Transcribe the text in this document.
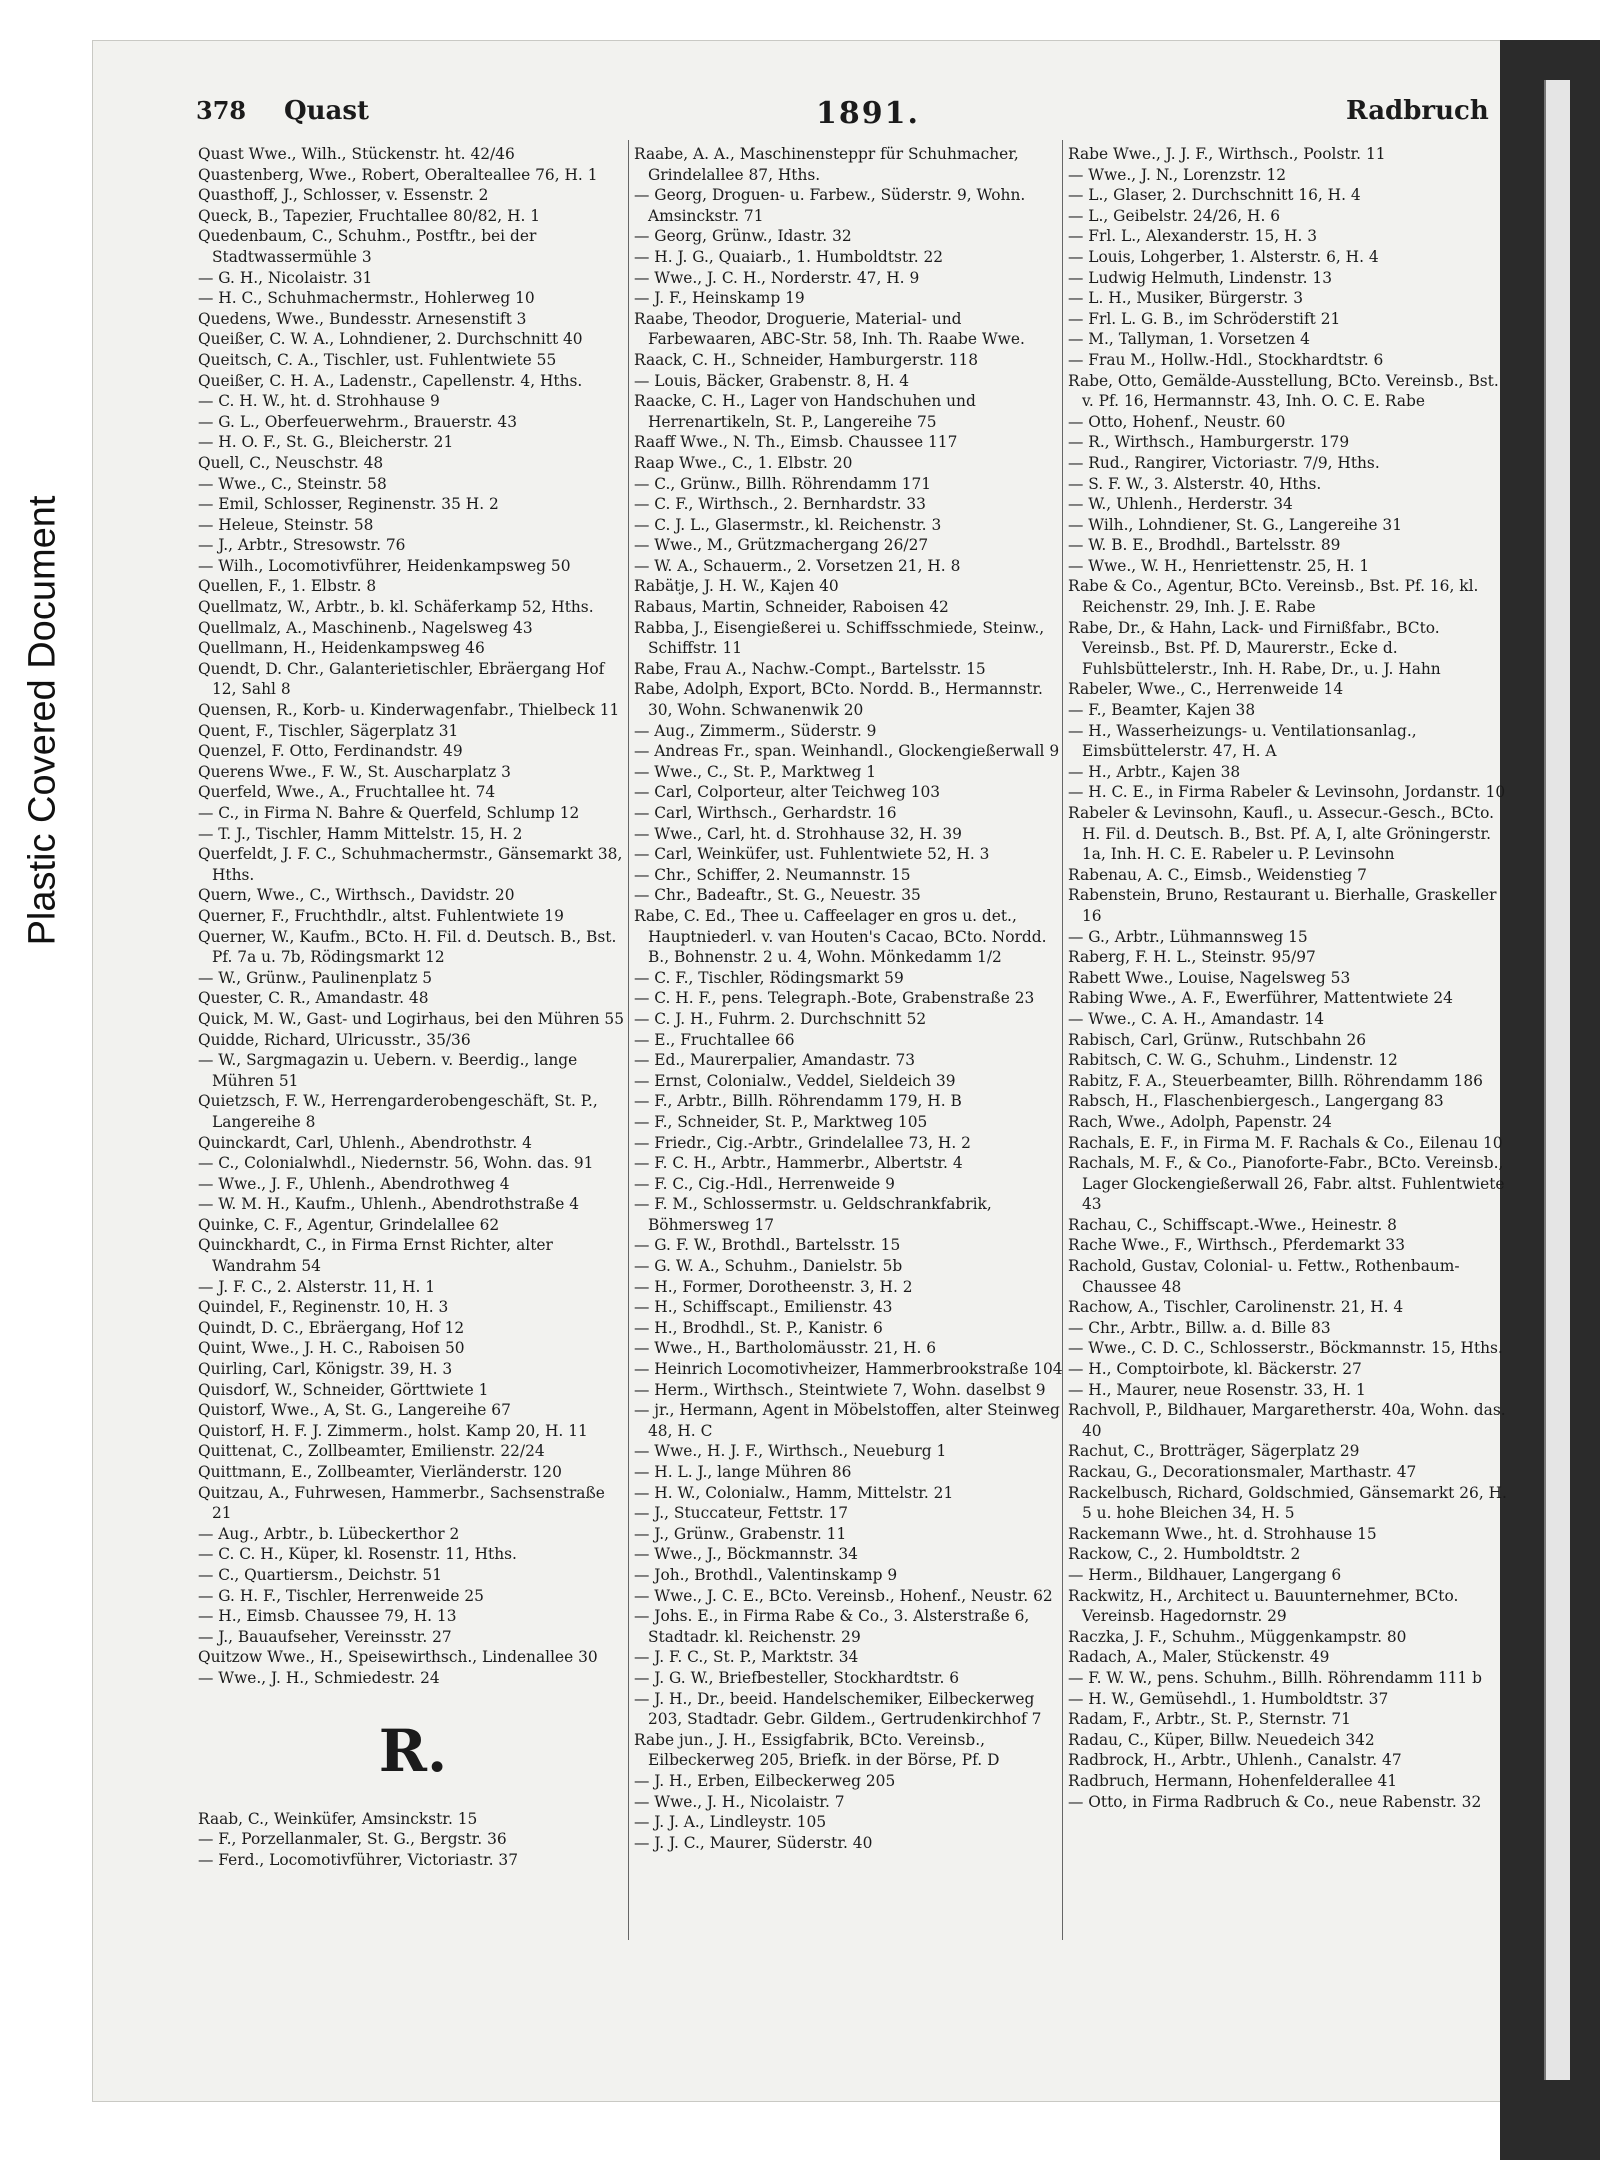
Plastic Covered Document
378 Quast	1891.	Radbruch

Quast Wwe., Wilh., Stückenstr. ht. 42/46

Quastenberg, Wwe., Robert, Oberalteallee 76, H. 1

Quasthoff, J., Schlosser, v. Essenstr. 2

Queck, B., Tapezier, Fruchtallee 80/82, H. 1

Quedenbaum, C., Schuhm., Postftr., bei der Stadtwassermühle 3

— G. H., Nicolaistr. 31

— H. C., Schuhmachermstr., Hohlerweg 10

Quedens, Wwe., Bundesstr. Arnesenstift 3

Queißer, C. W. A., Lohndiener, 2. Durchschnitt 40

Queitsch, C. A., Tischler, ust. Fuhlentwiete 55

Queißer, C. H. A., Ladenstr., Capellenstr. 4, Hths.

— C. H. W., ht. d. Strohhause 9

— G. L., Oberfeuerwehrm., Brauerstr. 43

— H. O. F., St. G., Bleicherstr. 21

Quell, C., Neuschstr. 48

— Wwe., C., Steinstr. 58

— Emil, Schlosser, Reginenstr. 35 H. 2

— Heleue, Steinstr. 58

— J., Arbtr., Stresowstr. 76

— Wilh., Locomotivführer, Heidenkampsweg 50

Quellen, F., 1. Elbstr. 8

Quellmatz, W., Arbtr., b. kl. Schäferkamp 52, Hths.

Quellmalz, A., Maschinenb., Nagelsweg 43

Quellmann, H., Heidenkampsweg 46

Quendt, D. Chr., Galanterietischler, Ebräergang Hof 12, Sahl 8

Quensen, R., Korb- u. Kinderwagenfabr., Thielbeck 11

Quent, F., Tischler, Sägerplatz 31

Quenzel, F. Otto, Ferdinandstr. 49

Querens Wwe., F. W., St. Auscharplatz 3

Querfeld, Wwe., A., Fruchtallee ht. 74

— C., in Firma N. Bahre & Querfeld, Schlump 12

— T. J., Tischler, Hamm Mittelstr. 15, H. 2

Querfeldt, J. F. C., Schuhmachermstr., Gänsemarkt 38, Hths.

Quern, Wwe., C., Wirthsch., Davidstr. 20

Querner, F., Fruchthdlr., altst. Fuhlentwiete 19

Querner, W., Kaufm., BCto. H. Fil. d. Deutsch. B., Bst. Pf. 7a u. 7b, Rödingsmarkt 12

— W., Grünw., Paulinenplatz 5

Quester, C. R., Amandastr. 48

Quick, M. W., Gast- und Logirhaus, bei den Mühren 55

Quidde, Richard, Ulricusstr., 35/36

— W., Sargmagazin u. Uebern. v. Beerdig., lange Mühren 51

Quietzsch, F. W., Herrengarderobengeschäft, St. P., Langereihe 8

Quinckardt, Carl, Uhlenh., Abendrothstr. 4

— C., Colonialwhdl., Niedernstr. 56, Wohn. das. 91

— Wwe., J. F., Uhlenh., Abendrothweg 4

— W. M. H., Kaufm., Uhlenh., Abendrothstraße 4

Quinke, C. F., Agentur, Grindelallee 62

Quinckhardt, C., in Firma Ernst Richter, alter Wandrahm 54

— J. F. C., 2. Alsterstr. 11, H. 1

Quindel, F., Reginenstr. 10, H. 3

Quindt, D. C., Ebräergang, Hof 12

Quint, Wwe., J. H. C., Raboisen 50

Quirling, Carl, Königstr. 39, H. 3

Quisdorf, W., Schneider, Görttwiete 1

Quistorf, Wwe., A, St. G., Langereihe 67

Quistorf, H. F. J. Zimmerm., holst. Kamp 20, H. 11

Quittenat, C., Zollbeamter, Emilienstr. 22/24

Quittmann, E., Zollbeamter, Vierländerstr. 120

Quitzau, A., Fuhrwesen, Hammerbr., Sachsenstraße 21

— Aug., Arbtr., b. Lübeckerthor 2

— C. C. H., Küper, kl. Rosenstr. 11, Hths.

— C., Quartiersm., Deichstr. 51

— G. H. F., Tischler, Herrenweide 25

— H., Eimsb. Chaussee 79, H. 13

— J., Bauaufseher, Vereinsstr. 27

Quitzow Wwe., H., Speisewirthsch., Lindenallee 30

— Wwe., J. H., Schmiedestr. 24

R.

Raab, C., Weinküfer, Amsinckstr. 15

— F., Porzellanmaler, St. G., Bergstr. 36

— Ferd., Locomotivführer, Victoriastr. 37

Raabe, A. A., Maschinensteppr für Schuhmacher, Grindelallee 87, Hths.

— Georg, Droguen- u. Farbew., Süderstr. 9, Wohn. Amsinckstr. 71

— Georg, Grünw., Idastr. 32

— H. J. G., Quaiarb., 1. Humboldtstr. 22

— Wwe., J. C. H., Norderstr. 47, H. 9

— J. F., Heinskamp 19

Raabe, Theodor, Droguerie, Material- und Farbewaaren, ABC-Str. 58, Inh. Th. Raabe Wwe.

Raack, C. H., Schneider, Hamburgerstr. 118

— Louis, Bäcker, Grabenstr. 8, H. 4

Raacke, C. H., Lager von Handschuhen und Herrenartikeln, St. P., Langereihe 75

Raaff Wwe., N. Th., Eimsb. Chaussee 117

Raap Wwe., C., 1. Elbstr. 20

— C., Grünw., Billh. Röhrendamm 171

— C. F., Wirthsch., 2. Bernhardstr. 33

— C. J. L., Glasermstr., kl. Reichenstr. 3

— Wwe., M., Grützmachergang 26/27

— W. A., Schauerm., 2. Vorsetzen 21, H. 8

Rabätje, J. H. W., Kajen 40

Rabaus, Martin, Schneider, Raboisen 42

Rabba, J., Eisengießerei u. Schiffsschmiede, Steinw., Schiffstr. 11

Rabe, Frau A., Nachw.-Compt., Bartelsstr. 15

Rabe, Adolph, Export, BCto. Nordd. B., Hermannstr. 30, Wohn. Schwanenwik 20

— Aug., Zimmerm., Süderstr. 9

— Andreas Fr., span. Weinhandl., Glockengießerwall 9

— Wwe., C., St. P., Marktweg 1

— Carl, Colporteur, alter Teichweg 103

— Carl, Wirthsch., Gerhardstr. 16

— Wwe., Carl, ht. d. Strohhause 32, H. 39

— Carl, Weinküfer, ust. Fuhlentwiete 52, H. 3

— Chr., Schiffer, 2. Neumannstr. 15

— Chr., Badeaftr., St. G., Neuestr. 35

Rabe, C. Ed., Thee u. Caffeelager en gros u. det., Hauptniederl. v. van Houten's Cacao, BCto. Nordd. B., Bohnenstr. 2 u. 4, Wohn. Mönkedamm 1/2

— C. F., Tischler, Rödingsmarkt 59

— C. H. F., pens. Telegraph.-Bote, Grabenstraße 23

— C. J. H., Fuhrm. 2. Durchschnitt 52

— E., Fruchtallee 66

— Ed., Maurerpalier, Amandastr. 73

— Ernst, Colonialw., Veddel, Sieldeich 39

— F., Arbtr., Billh. Röhrendamm 179, H. B

— F., Schneider, St. P., Marktweg 105

— Friedr., Cig.-Arbtr., Grindelallee 73, H. 2

— F. C. H., Arbtr., Hammerbr., Albertstr. 4

— F. C., Cig.-Hdl., Herrenweide 9

— F. M., Schlossermstr. u. Geldschrankfabrik, Böhmersweg 17

— G. F. W., Brothdl., Bartelsstr. 15

— G. W. A., Schuhm., Danielstr. 5b

— H., Former, Dorotheenstr. 3, H. 2

— H., Schiffscapt., Emilienstr. 43

— H., Brodhdl., St. P., Kanistr. 6

— Wwe., H., Bartholomäusstr. 21, H. 6

— Heinrich Locomotivheizer, Hammerbrookstraße 104

— Herm., Wirthsch., Steintwiete 7, Wohn. daselbst 9

— jr., Hermann, Agent in Möbelstoffen, alter Steinweg 48, H. C

— Wwe., H. J. F., Wirthsch., Neueburg 1

— H. L. J., lange Mühren 86

— H. W., Colonialw., Hamm, Mittelstr. 21

— J., Stuccateur, Fettstr. 17

— J., Grünw., Grabenstr. 11

— Wwe., J., Böckmannstr. 34

— Joh., Brothdl., Valentinskamp 9

— Wwe., J. C. E., BCto. Vereinsb., Hohenf., Neustr. 62

— Johs. E., in Firma Rabe & Co., 3. Alsterstraße 6, Stadtadr. kl. Reichenstr. 29

— J. F. C., St. P., Marktstr. 34

— J. G. W., Briefbesteller, Stockhardtstr. 6

— J. H., Dr., beeid. Handelschemiker, Eilbeckerweg 203, Stadtadr. Gebr. Gildem., Gertrudenkirchhof 7

Rabe jun., J. H., Essigfabrik, BCto. Vereinsb., Eilbeckerweg 205, Briefk. in der Börse, Pf. D

— J. H., Erben, Eilbeckerweg 205

— Wwe., J. H., Nicolaistr. 7

— J. J. A., Lindleystr. 105

— J. J. C., Maurer, Süderstr. 40

Rabe Wwe., J. J. F., Wirthsch., Poolstr. 11

— Wwe., J. N., Lorenzstr. 12

— L., Glaser, 2. Durchschnitt 16, H. 4

— L., Geibelstr. 24/26, H. 6

— Frl. L., Alexanderstr. 15, H. 3

— Louis, Lohgerber, 1. Alsterstr. 6, H. 4

— Ludwig Helmuth, Lindenstr. 13

— L. H., Musiker, Bürgerstr. 3

— Frl. L. G. B., im Schröderstift 21

— M., Tallyman, 1. Vorsetzen 4

— Frau M., Hollw.-Hdl., Stockhardtstr. 6

Rabe, Otto, Gemälde-Ausstellung, BCto. Vereinsb., Bst. v. Pf. 16, Hermannstr. 43, Inh. O. C. E. Rabe

— Otto, Hohenf., Neustr. 60

— R., Wirthsch., Hamburgerstr. 179

— Rud., Rangirer, Victoriastr. 7/9, Hths.

— S. F. W., 3. Alsterstr. 40, Hths.

— W., Uhlenh., Herderstr. 34

— Wilh., Lohndiener, St. G., Langereihe 31

— W. B. E., Brodhdl., Bartelsstr. 89

— Wwe., W. H., Henriettenstr. 25, H. 1

Rabe & Co., Agentur, BCto. Vereinsb., Bst. Pf. 16, kl. Reichenstr. 29, Inh. J. E. Rabe

Rabe, Dr., & Hahn, Lack- und Firnißfabr., BCto. Vereinsb., Bst. Pf. D, Maurerstr., Ecke d. Fuhlsbüttelerstr., Inh. H. Rabe, Dr., u. J. Hahn

Rabeler, Wwe., C., Herrenweide 14

— F., Beamter, Kajen 38

— H., Wasserheizungs- u. Ventilationsanlag., Eimsbüttelerstr. 47, H. A

— H., Arbtr., Kajen 38

— H. C. E., in Firma Rabeler & Levinsohn, Jordanstr. 10

Rabeler & Levinsohn, Kaufl., u. Assecur.-Gesch., BCto. H. Fil. d. Deutsch. B., Bst. Pf. A, I, alte Gröningerstr. 1a, Inh. H. C. E. Rabeler u. P. Levinsohn

Rabenau, A. C., Eimsb., Weidenstieg 7

Rabenstein, Bruno, Restaurant u. Bierhalle, Graskeller 16

— G., Arbtr., Lühmannsweg 15

Raberg, F. H. L., Steinstr. 95/97

Rabett Wwe., Louise, Nagelsweg 53

Rabing Wwe., A. F., Ewerführer, Mattentwiete 24

— Wwe., C. A. H., Amandastr. 14

Rabisch, Carl, Grünw., Rutschbahn 26

Rabitsch, C. W. G., Schuhm., Lindenstr. 12

Rabitz, F. A., Steuerbeamter, Billh. Röhrendamm 186

Rabsch, H., Flaschenbiergesch., Langergang 83

Rach, Wwe., Adolph, Papenstr. 24

Rachals, E. F., in Firma M. F. Rachals & Co., Eilenau 10

Rachals, M. F., & Co., Pianoforte-Fabr., BCto. Vereinsb., Lager Glockengießerwall 26, Fabr. altst. Fuhlentwiete 43

Rachau, C., Schiffscapt.-Wwe., Heinestr. 8

Rache Wwe., F., Wirthsch., Pferdemarkt 33

Rachold, Gustav, Colonial- u. Fettw., Rothenbaum-Chaussee 48

Rachow, A., Tischler, Carolinenstr. 21, H. 4

— Chr., Arbtr., Billw. a. d. Bille 83

— Wwe., C. D. C., Schlosserstr., Böckmannstr. 15, Hths.

— H., Comptoirbote, kl. Bäckerstr. 27

— H., Maurer, neue Rosenstr. 33, H. 1

Rachvoll, P., Bildhauer, Margaretherstr. 40a, Wohn. das. 40

Rachut, C., Brotträger, Sägerplatz 29

Rackau, G., Decorationsmaler, Marthastr. 47

Rackelbusch, Richard, Goldschmied, Gänsemarkt 26, H. 5 u. hohe Bleichen 34, H. 5

Rackemann Wwe., ht. d. Strohhause 15

Rackow, C., 2. Humboldtstr. 2

— Herm., Bildhauer, Langergang 6

Rackwitz, H., Architect u. Bauunternehmer, BCto. Vereinsb. Hagedornstr. 29

Raczka, J. F., Schuhm., Müggenkampstr. 80

Radach, A., Maler, Stückenstr. 49

— F. W. W., pens. Schuhm., Billh. Röhrendamm 111 b

— H. W., Gemüsehdl., 1. Humboldtstr. 37

Radam, F., Arbtr., St. P., Sternstr. 71

Radau, C., Küper, Billw. Neuedeich 342

Radbrock, H., Arbtr., Uhlenh., Canalstr. 47

Radbruch, Hermann, Hohenfelderallee 41

— Otto, in Firma Radbruch & Co., neue Rabenstr. 32
